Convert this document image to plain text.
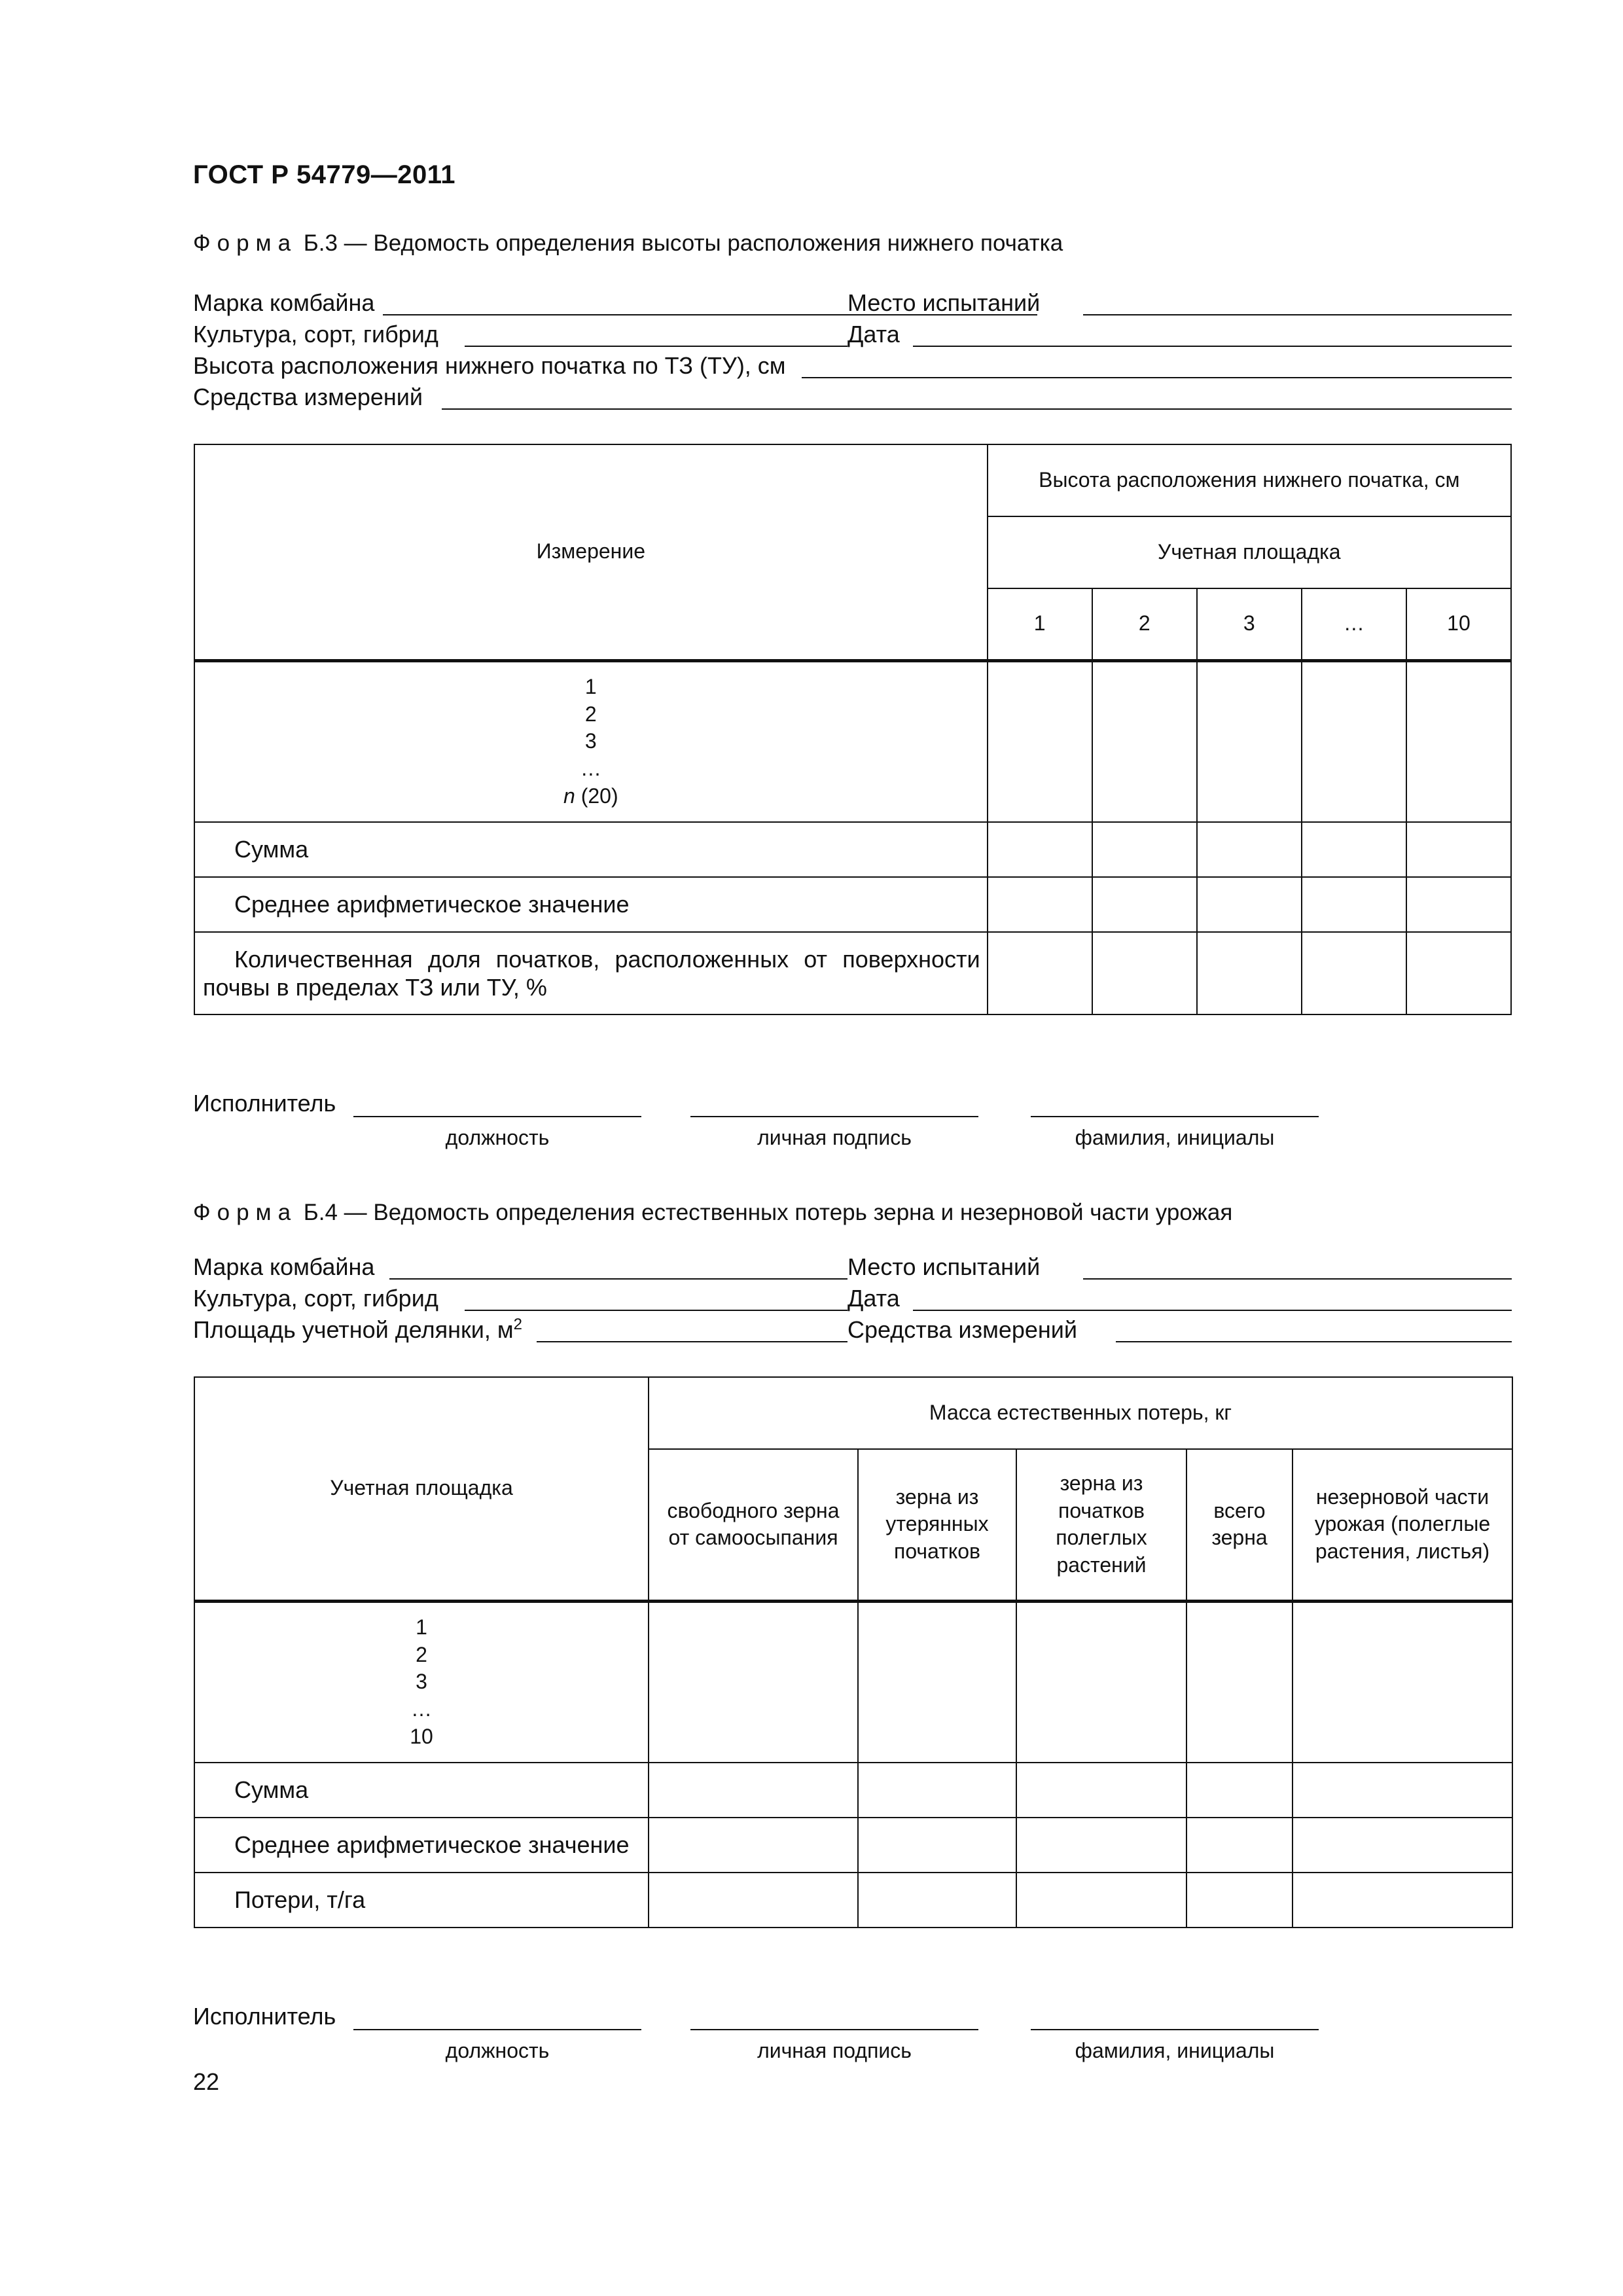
ГОСТ Р 54779—2011
Форма Б.3 — Ведомость определения высоты расположения нижнего початка
Марка комбайна	Место испытаний
Культура, сорт, гибрид	Дата
Высота расположения нижнего початка по ТЗ (ТУ), см
Средства измерений
Измерение	Высота расположения нижнего початка, см				
	Учетная площадка				
	1	2	3	…	10

1
2
3
…
n (20)					

Сумма					
Среднее арифметическое значение					
Количественная доля початков, расположенных от поверхности почвы в пределах ТЗ или ТУ, %					
Исполнитель
должность	личная подпись	фамилия, инициалы
Форма Б.4 — Ведомость определения естественных потерь зерна и незерновой части урожая
Марка комбайна	Место испытаний
Культура, сорт, гибрид	Дата
Площадь учетной делянки, $м^2$	Средства измерений
Учетная площадка	Масса естественных потерь, кг				
	свободного зерна от самоосыпания	зерна из утерянных початков	зерна из початков полеглых растений	всего зерна	незерновой части урожая (полеглые растения, листья)

1
2
3
…
10					

Сумма					
Среднее арифметическое значение					
Потери, т/га					
Исполнитель
должность	личная подпись	фамилия, инициалы
22
